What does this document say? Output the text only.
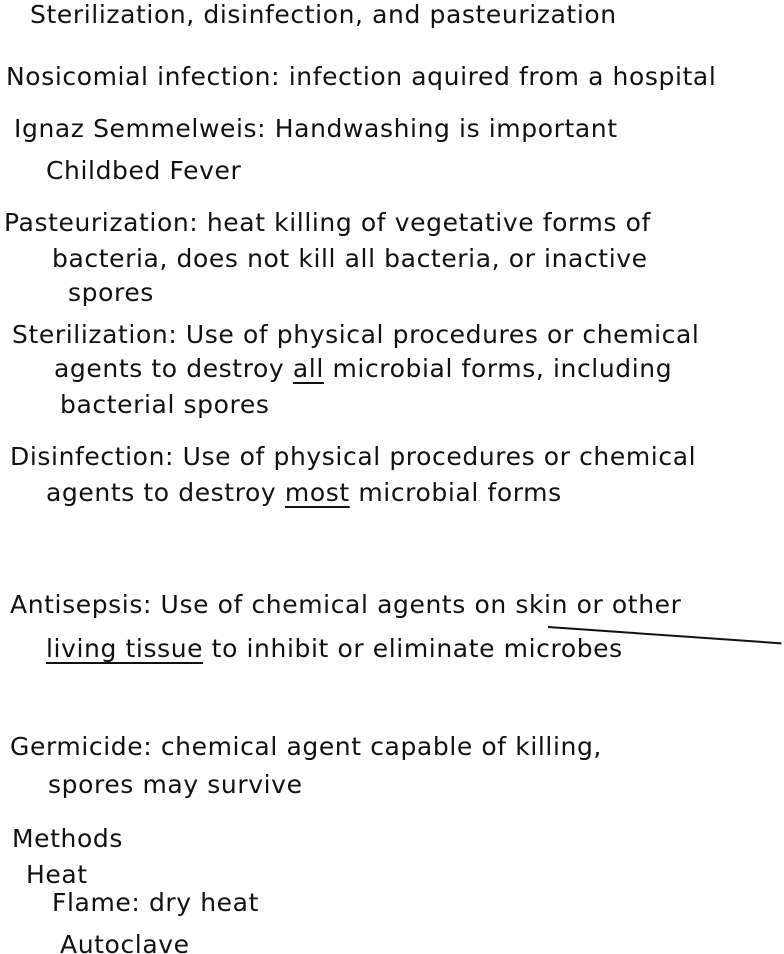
Sterilization, disinfection, and pasteurization
Nosicomial infection: infection aquired from a hospital
Ignaz Semmelweis: Handwashing is important
Childbed Fever
Pasteurization: heat killing of vegetative forms of
bacteria, does not kill all bacteria, or inactive
spores
Sterilization: Use of physical procedures or chemical
agents to destroy all microbial forms, including
bacterial spores
Disinfection: Use of physical procedures or chemical
agents to destroy most microbial forms
Antisepsis: Use of chemical agents on skin or other
living tissue to inhibit or eliminate microbes
Germicide: chemical agent capable of killing,
spores may survive
Methods
Heat
Flame: dry heat
Autoclave
